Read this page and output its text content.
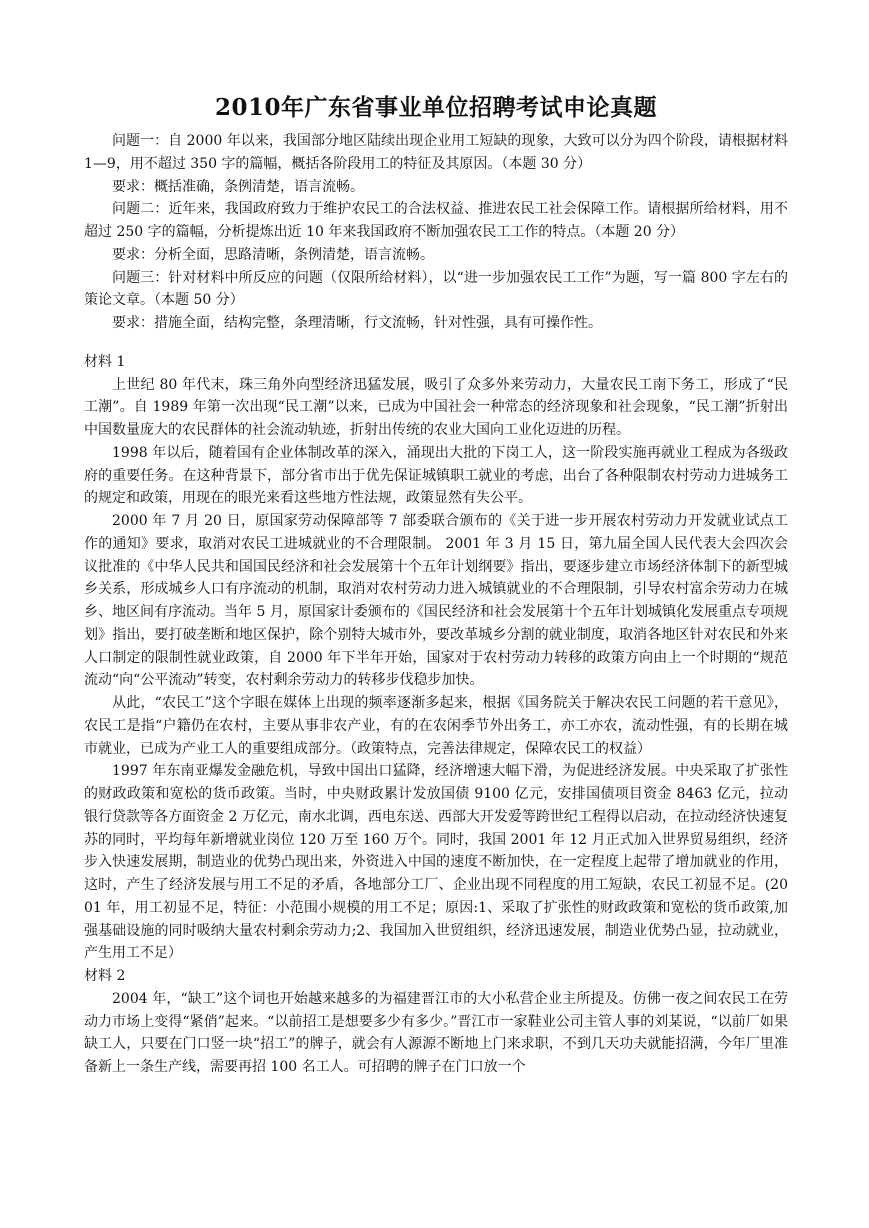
2010年广东省事业单位招聘考试申论真题

问题一：自 2000 年以来，我国部分地区陆续出现企业用工短缺的现象，大致可以分为四个阶段，请根据材料 1—9，用不超过 350 字的篇幅，概括各阶段用工的特征及其原因。（本题 30 分）

要求：概括准确，条例清楚，语言流畅。

问题二：近年来，我国政府致力于维护农民工的合法权益、推进农民工社会保障工作。请根据所给材料，用不超过 250 字的篇幅，分析提炼出近 10 年来我国政府不断加强农民工工作的特点。（本题 20 分）

要求：分析全面，思路清晰，条例清楚，语言流畅。

问题三：针对材料中所反应的问题（仅限所给材料），以“进一步加强农民工工作”为题，写一篇 800 字左右的策论文章。（本题 50 分）

要求：措施全面，结构完整，条理清晰，行文流畅，针对性强，具有可操作性。

材料 1

上世纪 80 年代末，珠三角外向型经济迅猛发展，吸引了众多外来劳动力，大量农民工南下务工，形成了“民工潮”。自 1989 年第一次出现“民工潮”以来，已成为中国社会一种常态的经济现象和社会现象，“民工潮”折射出中国数量庞大的农民群体的社会流动轨迹，折射出传统的农业大国向工业化迈进的历程。

1998 年以后，随着国有企业体制改革的深入，涌现出大批的下岗工人，这一阶段实施再就业工程成为各级政府的重要任务。在这种背景下，部分省市出于优先保证城镇职工就业的考虑，出台了各种限制农村劳动力进城务工的规定和政策，用现在的眼光来看这些地方性法规，政策显然有失公平。

2000 年 7 月 20 日，原国家劳动保障部等 7 部委联合颁布的《关于进一步开展农村劳动力开发就业试点工作的通知》要求，取消对农民工进城就业的不合理限制。 2001 年 3 月 15 日，第九届全国人民代表大会四次会议批准的《中华人民共和国国民经济和社会发展第十个五年计划纲要》指出，要逐步建立市场经济体制下的新型城乡关系，形成城乡人口有序流动的机制，取消对农村劳动力进入城镇就业的不合理限制，引导农村富余劳动力在城乡、地区间有序流动。当年 5 月，原国家计委颁布的《国民经济和社会发展第十个五年计划城镇化发展重点专项规划》指出，要打破垄断和地区保护，除个别特大城市外，要改革城乡分割的就业制度，取消各地区针对农民和外来人口制定的限制性就业政策，自 2000 年下半年开始，国家对于农村劳动力转移的政策方向由上一个时期的“规范流动“向“公平流动”转变，农村剩余劳动力的转移步伐稳步加快。

从此，“农民工”这个字眼在媒体上出现的频率逐渐多起来，根据《国务院关于解决农民工问题的若干意见》，农民工是指“户籍仍在农村，主要从事非农产业，有的在农闲季节外出务工，亦工亦农，流动性强，有的长期在城市就业，已成为产业工人的重要组成部分。（政策特点，完善法律规定，保障农民工的权益）

1997 年东南亚爆发金融危机，导致中国出口猛降，经济增速大幅下滑，为促进经济发展。中央采取了扩张性的财政政策和宽松的货币政策。当时，中央财政累计发放国债 9100 亿元，安排国债项目资金 8463 亿元，拉动银行贷款等各方面资金 2 万亿元，南水北调，西电东送、西部大开发爱等跨世纪工程得以启动，在拉动经济快速复苏的同时，平均每年新增就业岗位 120 万至 160 万个。同时，我国 2001 年 12 月正式加入世界贸易组织，经济步入快速发展期，制造业的优势凸现出来，外资进入中国的速度不断加快，在一定程度上起带了增加就业的作用，这时，产生了经济发展与用工不足的矛盾，各地部分工厂、企业出现不同程度的用工短缺，农民工初显不足。(2001 年，用工初显不足，特征：小范围小规模的用工不足；原因:1、采取了扩张性的财政政策和宽松的货币政策,加强基础设施的同时吸纳大量农村剩余劳动力;2、我国加入世贸组织，经济迅速发展，制造业优势凸显，拉动就业，产生用工不足）

材料 2

2004 年，“缺工”这个词也开始越来越多的为福建晋江市的大小私营企业主所提及。仿佛一夜之间农民工在劳动力市场上变得“紧俏”起来。“以前招工是想要多少有多少。”晋江市一家鞋业公司主管人事的刘某说，“以前厂如果缺工人，只要在门口竖一块“招工”的牌子，就会有人源源不断地上门来求职，不到几天功夫就能招满，今年厂里准备新上一条生产线，需要再招 100 名工人。可招聘的牌子在门口放一个
